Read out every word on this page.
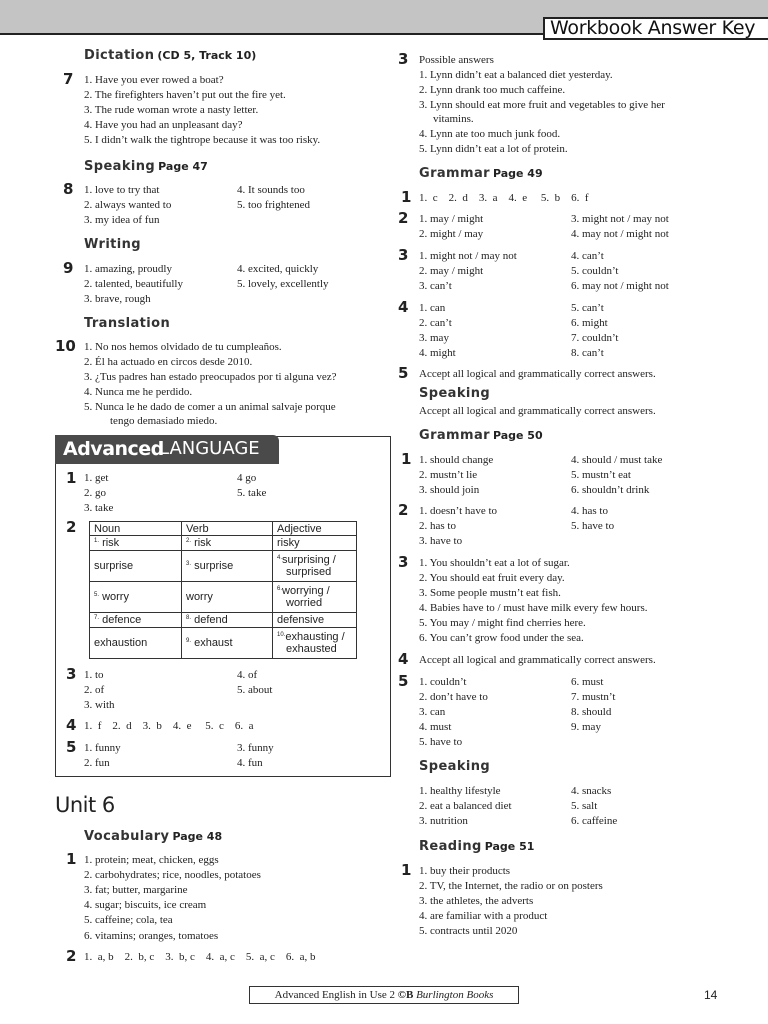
Workbook Answer Key
Dictation (CD 5, Track 10)
7 1. Have you ever rowed a boat?
2. The firefighters haven’t put out the fire yet.
3. The rude woman wrote a nasty letter.
4. Have you had an unpleasant day?
5. I didn’t walk the tightrope because it was too risky.
Speaking Page 47
8 1. love to try that
2. always wanted to
3. my idea of fun
4. It sounds too
5. too frightened
Writing
9 1. amazing, proudly
2. talented, beautifully
3. brave, rough
4. excited, quickly
5. lovely, excellently
Translation
10 1. No nos hemos olvidado de tu cumpleaños.
2. Él ha actuado en circos desde 2010.
3. ¿Tus padres han estado preocupados por ti alguna vez?
4. Nunca me he perdido.
5. Nunca le he dado de comer a un animal salvaje porque
tengo demasiado miedo.
Advanced
LANGUAGE
1 1. get
2. go
3. take
4 go
5. take
2 Noun	Verb	Adjective
$^{1.}$ risk	$^{2.}$ risk	risky
surprise	$^{3.}$ surprise	$^{4.}$surprising /
surprised
$^{5.}$ worry	worry	$^{6.}$worrying /
worried
$^{7.}$ defence	$^{8.}$ defend	defensive
exhaustion	$^{9.}$ exhaust	$^{10.}$exhausting /
exhausted
3 1. to
2. of
3. with
4. of
5. about
4 1.  f    2.  d    3.  b    4.  e     5.  c    6.  a
5 1. funny
2. fun
3. funny
4. fun
Unit 6
Vocabulary Page 48
1 1. protein; meat, chicken, eggs
2. carbohydrates; rice, noodles, potatoes
3. fat; butter, margarine
4. sugar; biscuits, ice cream
5. caffeine; cola, tea
6. vitamins; oranges, tomatoes
2 1.  a, b    2.  b, c    3.  b, c    4.  a, c    5.  a, c    6.  a, b
3 Possible answers
1. Lynn didn’t eat a balanced diet yesterday.
2. Lynn drank too much caffeine.
3. Lynn should eat more fruit and vegetables to give her
vitamins.
4. Lynn ate too much junk food.
5. Lynn didn’t eat a lot of protein.
Grammar Page 49
1 1.  c    2.  d    3.  a    4.  e     5.  b    6.  f
2 1. may / might
2. might / may
3. might not / may not
4. may not / might not
3 1. might not / may not
2. may / might
3. can’t
4. can’t
5. couldn’t
6. may not / might not
4 1. can
2. can’t
3. may
4. might
5. can’t
6. might
7. couldn’t
8. can’t
5 Accept all logical and grammatically correct answers.
Speaking
Accept all logical and grammatically correct answers.
Grammar Page 50
1 1. should change
2. mustn’t lie
3. should join
4. should / must take
5. mustn’t eat
6. shouldn’t drink
2 1. doesn’t have to
2. has to
3. have to
4. has to
5. have to
3 1. You shouldn’t eat a lot of sugar.
2. You should eat fruit every day.
3. Some people mustn’t eat fish.
4. Babies have to / must have milk every few hours.
5. You may / might find cherries here.
6. You can’t grow food under the sea.
4 Accept all logical and grammatically correct answers.
5 1. couldn’t
2. don’t have to
3. can
4. must
5. have to
6. must
7. mustn’t
8. should
9. may
Speaking
1. healthy lifestyle
2. eat a balanced diet
3. nutrition
4. snacks
5. salt
6. caffeine
Reading Page 51
1 1. buy their products
2. TV, the Internet, the radio or on posters
3. the athletes, the adverts
4. are familiar with a product
5. contracts until 2020
Advanced English in Use 2 ©B Burlington Books	14
